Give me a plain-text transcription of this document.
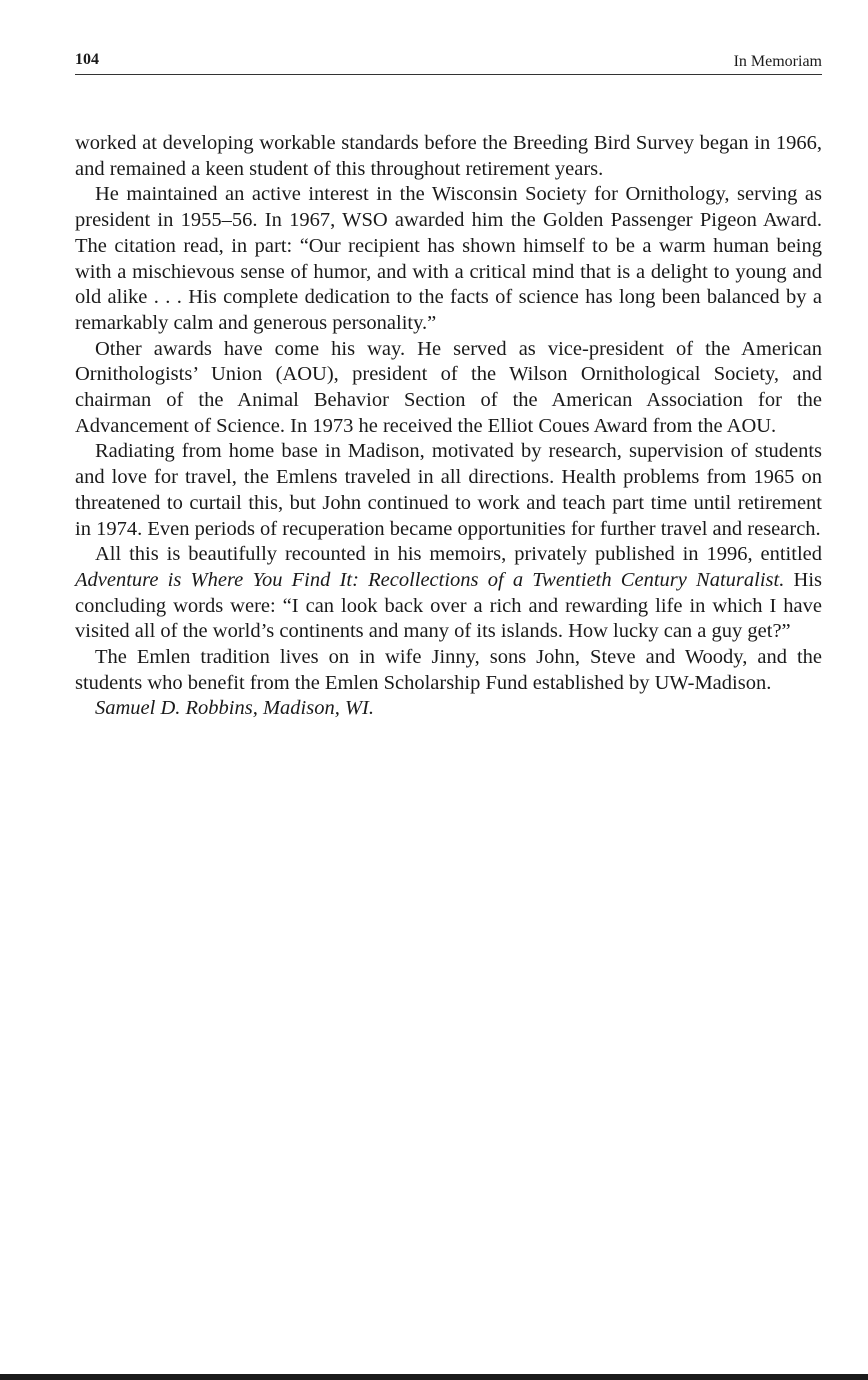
104	In Memoriam

worked at developing workable standards before the Breeding Bird Survey began in 1966, and remained a keen student of this throughout retirement years.

He maintained an active interest in the Wisconsin Society for Ornithology, serving as president in 1955–56. In 1967, WSO awarded him the Golden Passenger Pigeon Award. The citation read, in part: “Our recipient has shown himself to be a warm human being with a mischievous sense of humor, and with a critical mind that is a delight to young and old alike . . . His complete dedication to the facts of science has long been balanced by a remarkably calm and generous personality.”

Other awards have come his way. He served as vice-president of the American Ornithologists’ Union (AOU), president of the Wilson Ornithological Society, and chairman of the Animal Behavior Section of the American Association for the Advancement of Science. In 1973 he received the Elliot Coues Award from the AOU.

Radiating from home base in Madison, motivated by research, supervision of students and love for travel, the Emlens traveled in all directions. Health problems from 1965 on threatened to curtail this, but John continued to work and teach part time until retirement in 1974. Even periods of recuperation became opportunities for further travel and research.

All this is beautifully recounted in his memoirs, privately published in 1996, entitled Adventure is Where You Find It: Recollections of a Twentieth Century Naturalist. His concluding words were: “I can look back over a rich and rewarding life in which I have visited all of the world’s continents and many of its islands. How lucky can a guy get?”

The Emlen tradition lives on in wife Jinny, sons John, Steve and Woody, and the students who benefit from the Emlen Scholarship Fund established by UW-Madison.

Samuel D. Robbins, Madison, WI.
